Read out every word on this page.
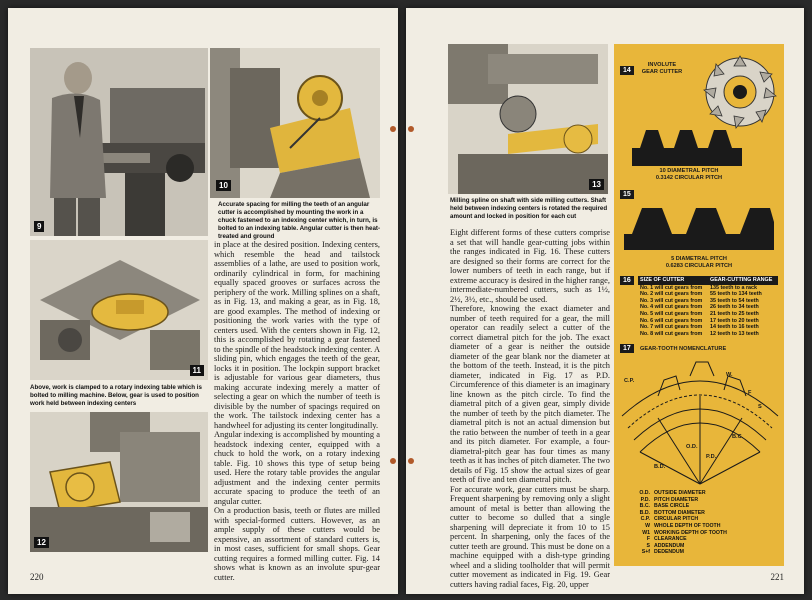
9
10

Accurate spacing for milling the teeth of an angular cutter is accomplished by mounting the work in a chuck fastened to an indexing center which, in turn, is bolted to an indexing table. Angular cutter is then heat-treated and ground

11

Above, work is clamped to a rotary indexing table which is bolted to milling machine. Below, gear is used to position work held between indexing centers

12

in place at the desired position. Indexing centers, which resemble the head and tailstock assemblies of a lathe, are used to position work, ordinarily cylindrical in form, for machining equally spaced grooves or surfaces across the periphery of the work. Milling splines on a shaft, as in Fig. 13, and making a gear, as in Fig. 18, are good examples. The method of indexing or positioning the work varies with the type of centers used. With the centers shown in Fig. 12, this is accomplished by rotating a gear fastened to the spindle of the headstock indexing center. A sliding pin, which engages the teeth of the gear, locks it in position. The lockpin support bracket is adjustable for various gear diameters, thus making accurate indexing merely a matter of selecting a gear on which the number of teeth is divisible by the number of spacings required on the work. The tailstock indexing center has a handwheel for adjusting its center longitudinally.
Angular indexing is accomplished by mounting a headstock indexing center, equipped with a chuck to hold the work, on a rotary indexing table. Fig. 10 shows this type of setup being used. Here the rotary table provides the angular adjustment and the indexing center permits accurate spacing to produce the teeth of an angular cutter.
On a production basis, teeth or flutes are milled with special-formed cutters. However, as an ample supply of these cutters would be expensive, an assortment of standard cutters is, in most cases, sufficient for small shops. Gear cutting requires a formed milling cutter. Fig. 14 shows what is known as an involute spur-gear cutter.

220
13

Milling spline on shaft with side milling cutters. Shaft held between indexing centers is rotated the required amount and locked in position for each cut

Eight different forms of these cutters comprise a set that will handle gear-cutting jobs within the ranges indicated in Fig. 16. These cutters are designed so their forms are correct for the lower numbers of teeth in each range, but if extreme accuracy is desired in the higher range, intermediate-numbered cutters, such as 1½, 2½, 3½, etc., should be used.
Therefore, knowing the exact diameter and number of teeth required for a gear, the mill operator can readily select a cutter of the correct diametral pitch for the job. The exact diameter of a gear is neither the outside diameter of the gear blank nor the diameter at the bottom of the teeth. Instead, it is the pitch diameter, indicated in Fig. 17 as P.D. Circumference of this diameter is an imaginary line known as the pitch circle. To find the diametral pitch of a given gear, simply divide the number of teeth by the pitch diameter. The diametral pitch is not an actual dimension but the ratio between the number of teeth in a gear and its pitch diameter. For example, a four-diametral-pitch gear has four times as many teeth as it has inches of pitch diameter. The two details of Fig. 15 show the actual sizes of gear teeth of five and ten diametral pitch.
For accurate work, gear cutters must be sharp. Frequent sharpening by removing only a slight amount of metal is better than allowing the cutter to become so dulled that a single sharpening will depreciate it from 10 to 15 percent. In sharpening, only the faces of the cutter teeth are ground. This must be done on a machine equipped with a dish-type grinding wheel and a sliding toolholder that will permit cutter movement as indicated in Fig. 19. Gear cutters having radial faces, Fig. 20, upper

14
INVOLUTE GEAR CUTTER
10 DIAMETRAL PITCH
0.3142 CIRCULAR PITCH
15
5 DIAMETRAL PITCH
0.6283 CIRCULAR PITCH
16	SIZE OF CUTTER	GEAR-CUTTING RANGE
No. 1 will cut gears from	135 teeth to a rack
No. 2 will cut gears from	55 teeth to 134 teeth
No. 3 will cut gears from	35 teeth to 54 teeth
No. 4 will cut gears from	26 teeth to 34 teeth
No. 5 will cut gears from	21 teeth to 25 teeth
No. 6 will cut gears from	17 teeth to 20 teeth
No. 7 will cut gears from	14 teeth to 16 teeth
No. 8 will cut gears from	12 teeth to 13 teeth
17	GEAR-TOOTH NOMENCLATURE
C.P.
W.
F
S
B.C.
O.D.
P.D.
B.D.
O.D. OUTSIDE DIAMETER
P.D. PITCH DIAMETER
B.C. BASE CIRCLE
B.D. BOTTOM DIAMETER
C.P. CIRCULAR PITCH
W WHOLE DEPTH OF TOOTH
W1 WORKING DEPTH OF TOOTH
F CLEARANCE
S ADDENDUM
S+f DEDENDUM
221
